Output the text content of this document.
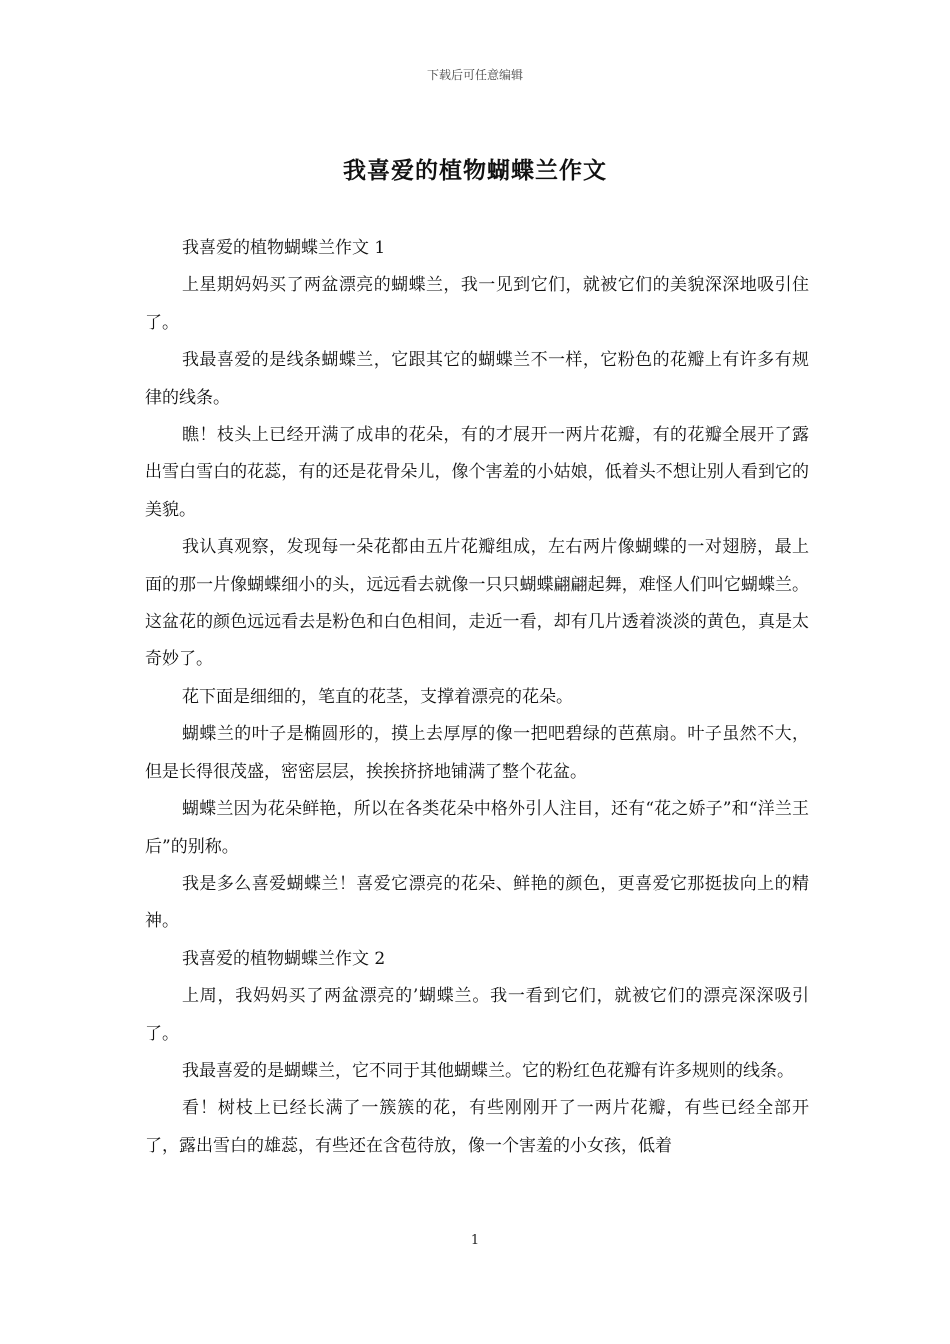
下载后可任意编辑
我喜爱的植物蝴蝶兰作文

我喜爱的植物蝴蝶兰作文 1

上星期妈妈买了两盆漂亮的蝴蝶兰，我一见到它们，就被它们的美貌深深地吸引住了。

我最喜爱的是线条蝴蝶兰，它跟其它的蝴蝶兰不一样，它粉色的花瓣上有许多有规律的线条。

瞧！枝头上已经开满了成串的花朵，有的才展开一两片花瓣，有的花瓣全展开了露出雪白雪白的花蕊，有的还是花骨朵儿，像个害羞的小姑娘，低着头不想让别人看到它的美貌。

我认真观察，发现每一朵花都由五片花瓣组成，左右两片像蝴蝶的一对翅膀，最上面的那一片像蝴蝶细小的头，远远看去就像一只只蝴蝶翩翩起舞，难怪人们叫它蝴蝶兰。这盆花的颜色远远看去是粉色和白色相间，走近一看，却有几片透着淡淡的黄色，真是太奇妙了。

花下面是细细的，笔直的花茎，支撑着漂亮的花朵。

蝴蝶兰的叶子是椭圆形的，摸上去厚厚的像一把吧碧绿的芭蕉扇。叶子虽然不大，但是长得很茂盛，密密层层，挨挨挤挤地铺满了整个花盆。

蝴蝶兰因为花朵鲜艳，所以在各类花朵中格外引人注目，还有“花之娇子”和“洋兰王后”的别称。

我是多么喜爱蝴蝶兰！喜爱它漂亮的花朵、鲜艳的颜色，更喜爱它那挺拔向上的精神。

我喜爱的植物蝴蝶兰作文 2

上周，我妈妈买了两盆漂亮的’蝴蝶兰。我一看到它们，就被它们的漂亮深深吸引了。

我最喜爱的是蝴蝶兰，它不同于其他蝴蝶兰。它的粉红色花瓣有许多规则的线条。

看！树枝上已经长满了一簇簇的花，有些刚刚开了一两片花瓣，有些已经全部开了，露出雪白的雄蕊，有些还在含苞待放，像一个害羞的小女孩，低着

1
